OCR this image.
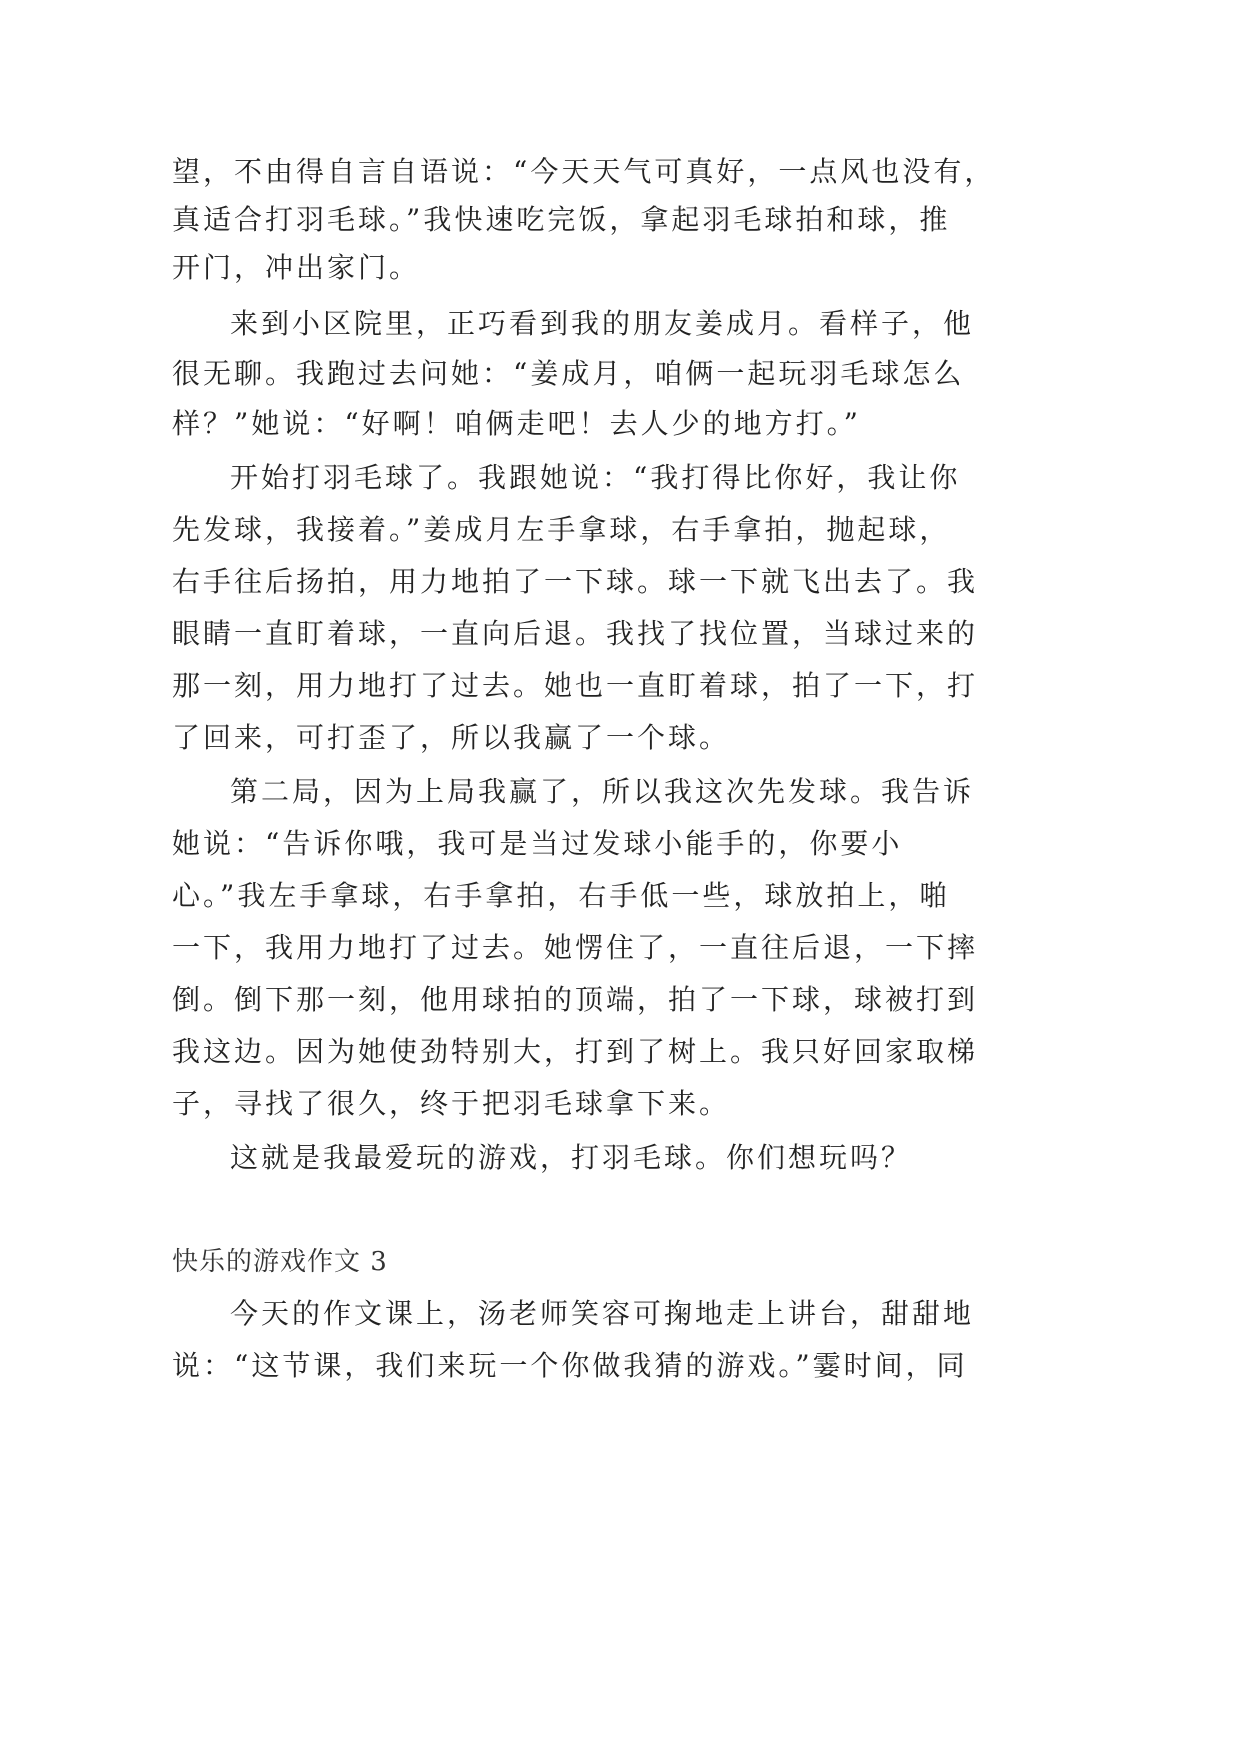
望，不由得自言自语说：“今天天气可真好，一点风也没有，
真适合打羽毛球。”我快速吃完饭，拿起羽毛球拍和球，推
开门，冲出家门。
来到小区院里，正巧看到我的朋友姜成月。看样子，他
很无聊。我跑过去问她：“姜成月，咱俩一起玩羽毛球怎么
样？”她说：“好啊！咱俩走吧！去人少的地方打。”
开始打羽毛球了。我跟她说：“我打得比你好，我让你
先发球，我接着。”姜成月左手拿球，右手拿拍，抛起球，
右手往后扬拍，用力地拍了一下球。球一下就飞出去了。我
眼睛一直盯着球，一直向后退。我找了找位置，当球过来的
那一刻，用力地打了过去。她也一直盯着球，拍了一下，打
了回来，可打歪了，所以我赢了一个球。
第二局，因为上局我赢了，所以我这次先发球。我告诉
她说：“告诉你哦，我可是当过发球小能手的，你要小
心。”我左手拿球，右手拿拍，右手低一些，球放拍上，啪
一下，我用力地打了过去。她愣住了，一直往后退，一下摔
倒。倒下那一刻，他用球拍的顶端，拍了一下球，球被打到
我这边。因为她使劲特别大，打到了树上。我只好回家取梯
子，寻找了很久，终于把羽毛球拿下来。
这就是我最爱玩的游戏，打羽毛球。你们想玩吗？
快乐的游戏作文 3
今天的作文课上，汤老师笑容可掬地走上讲台，甜甜地
说：“这节课，我们来玩一个你做我猜的游戏。”霎时间，同
